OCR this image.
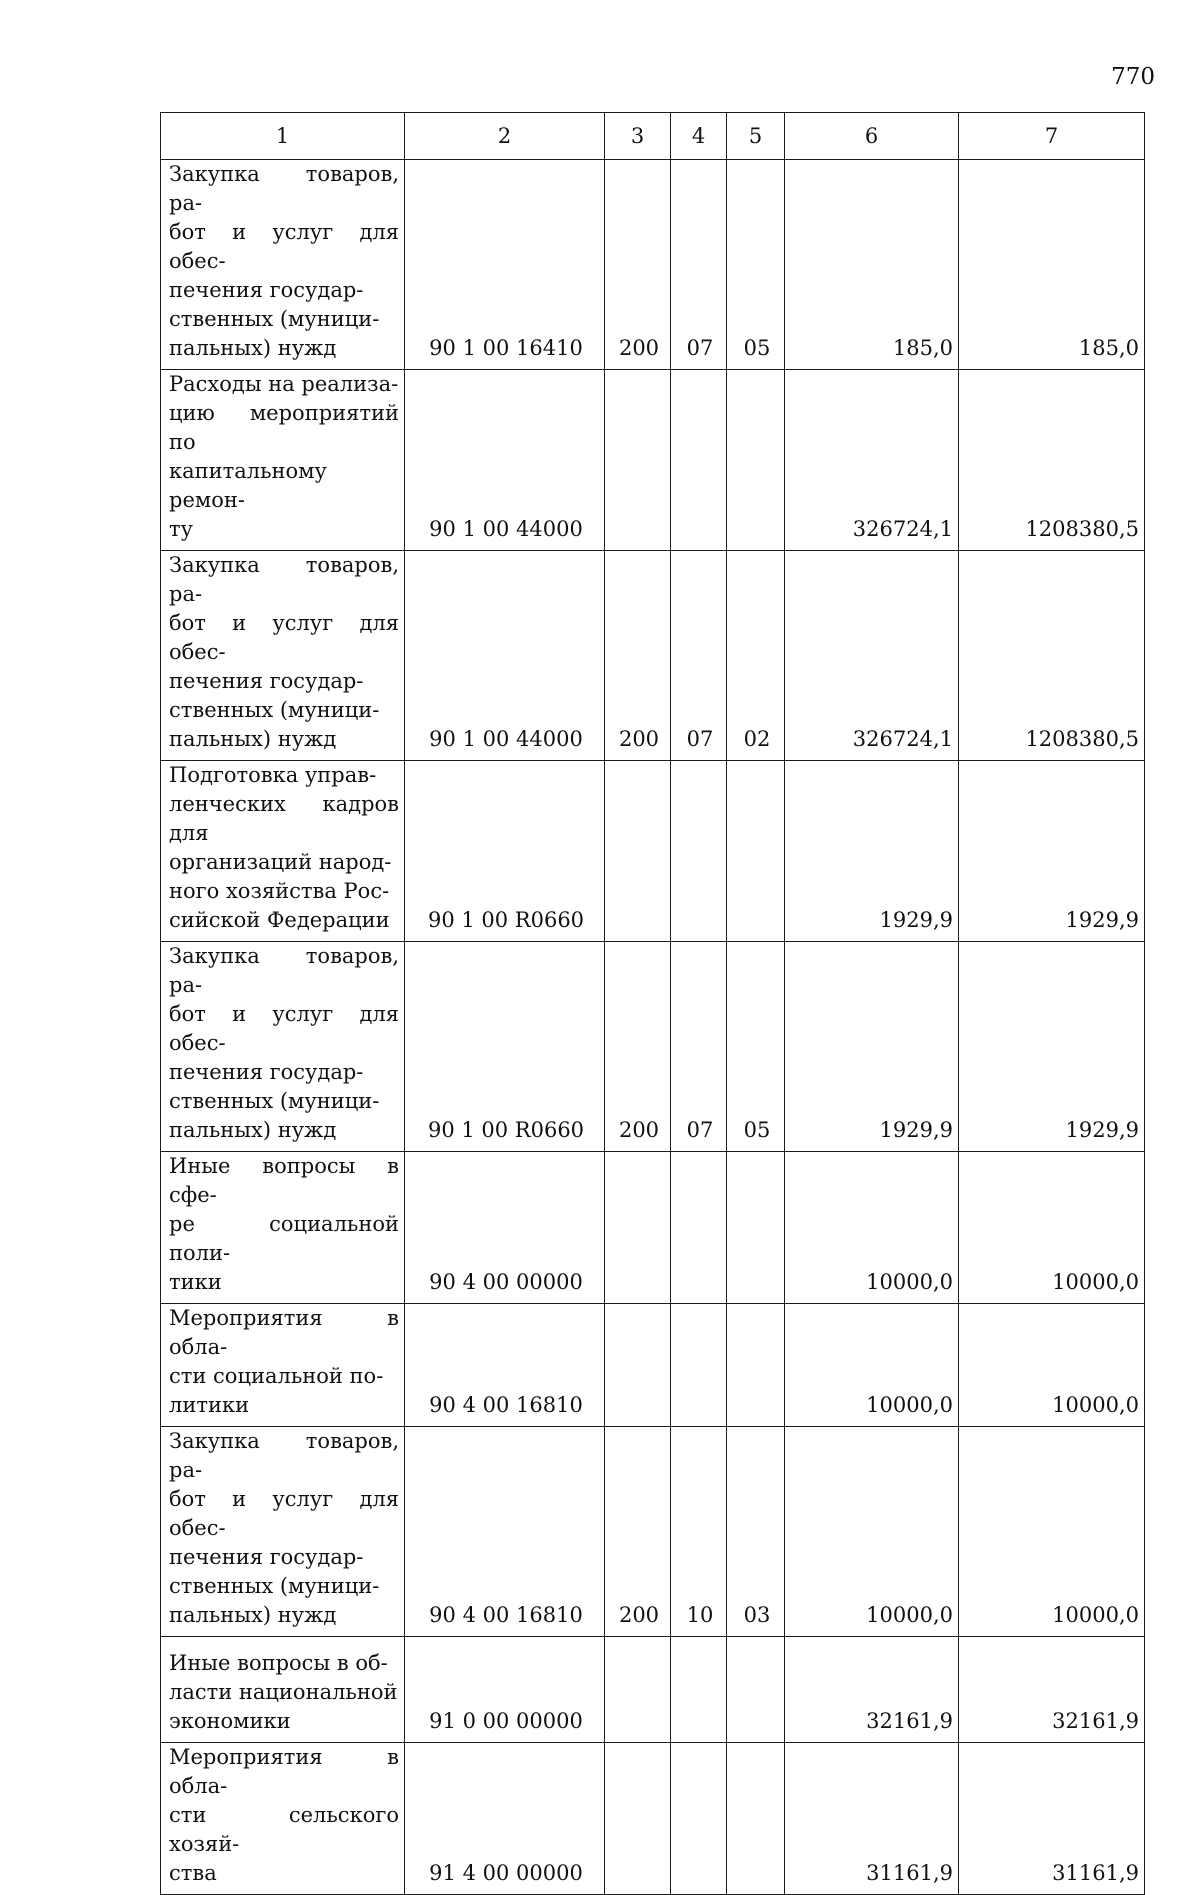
770
1	2	3	4	5	6	7

Закупка товаров, ра-
бот и услуг для обес-
печения государ-
ственных (муници-
пальных) нужд	90 1 00 16410	200	07	05	185,0	185,0

Расходы на реализа-
цию мероприятий по
капитальному ремон-
ту	90 1 00 44000				326724,1	1208380,5

Закупка товаров, ра-
бот и услуг для обес-
печения государ-
ственных (муници-
пальных) нужд	90 1 00 44000	200	07	02	326724,1	1208380,5

Подготовка управ-
ленческих кадров для
организаций народ-
ного хозяйства Рос-
сийской Федерации	90 1 00 R0660				1929,9	1929,9

Закупка товаров, ра-
бот и услуг для обес-
печения государ-
ственных (муници-
пальных) нужд	90 1 00 R0660	200	07	05	1929,9	1929,9

Иные вопросы в сфе-
ре социальной поли-
тики	90 4 00 00000				10000,0	10000,0

Мероприятия в обла-
сти социальной по-
литики	90 4 00 16810				10000,0	10000,0

Закупка товаров, ра-
бот и услуг для обес-
печения государ-
ственных (муници-
пальных) нужд	90 4 00 16810	200	10	03	10000,0	10000,0

Иные вопросы в об-
ласти национальной
экономики	91 0 00 00000				32161,9	32161,9

Мероприятия в обла-
сти сельского хозяй-
ства	91 4 00 00000				31161,9	31161,9
